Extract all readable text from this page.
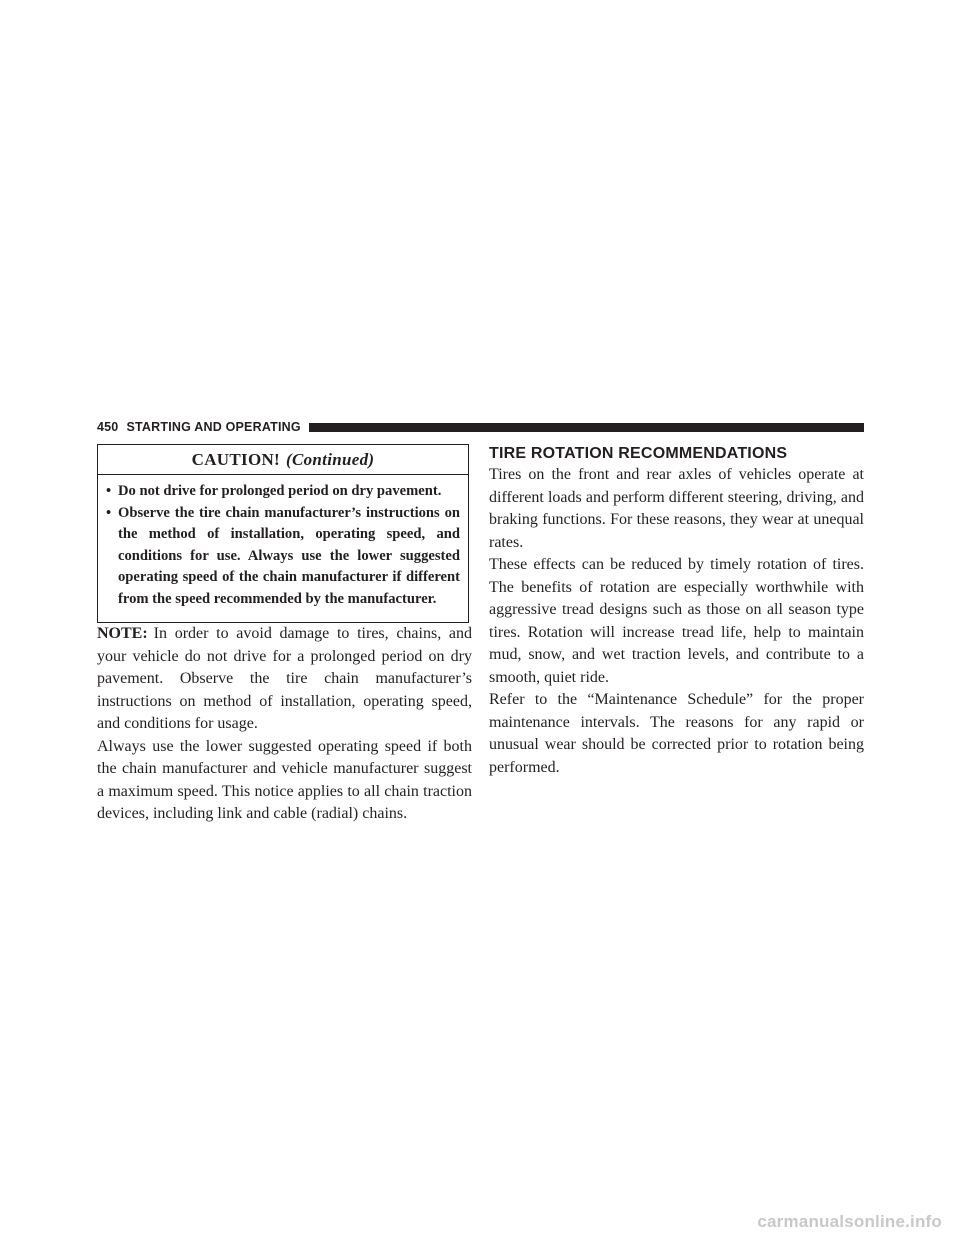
450 STARTING AND OPERATING
CAUTION! (Continued)
• Do not drive for prolonged period on dry pavement.
• Observe the tire chain manufacturer’s instructions on the method of installation, operating speed, and conditions for use. Always use the lower suggested operating speed of the chain manufacturer if different from the speed recommended by the manufacturer.

NOTE: In order to avoid damage to tires, chains, and your vehicle do not drive for a prolonged period on dry pavement. Observe the tire chain manufacturer’s instructions on method of installation, operating speed, and conditions for usage.

Always use the lower suggested operating speed if both the chain manufacturer and vehicle manufacturer suggest a maximum speed. This notice applies to all chain traction devices, including link and cable (radial) chains.

TIRE ROTATION RECOMMENDATIONS

Tires on the front and rear axles of vehicles operate at different loads and perform different steering, driving, and braking functions. For these reasons, they wear at unequal rates.

These effects can be reduced by timely rotation of tires. The benefits of rotation are especially worthwhile with aggressive tread designs such as those on all season type tires. Rotation will increase tread life, help to maintain mud, snow, and wet traction levels, and contribute to a smooth, quiet ride.

Refer to the “Maintenance Schedule” for the proper maintenance intervals. The reasons for any rapid or unusual wear should be corrected prior to rotation being performed.

carmanualsonline.info
